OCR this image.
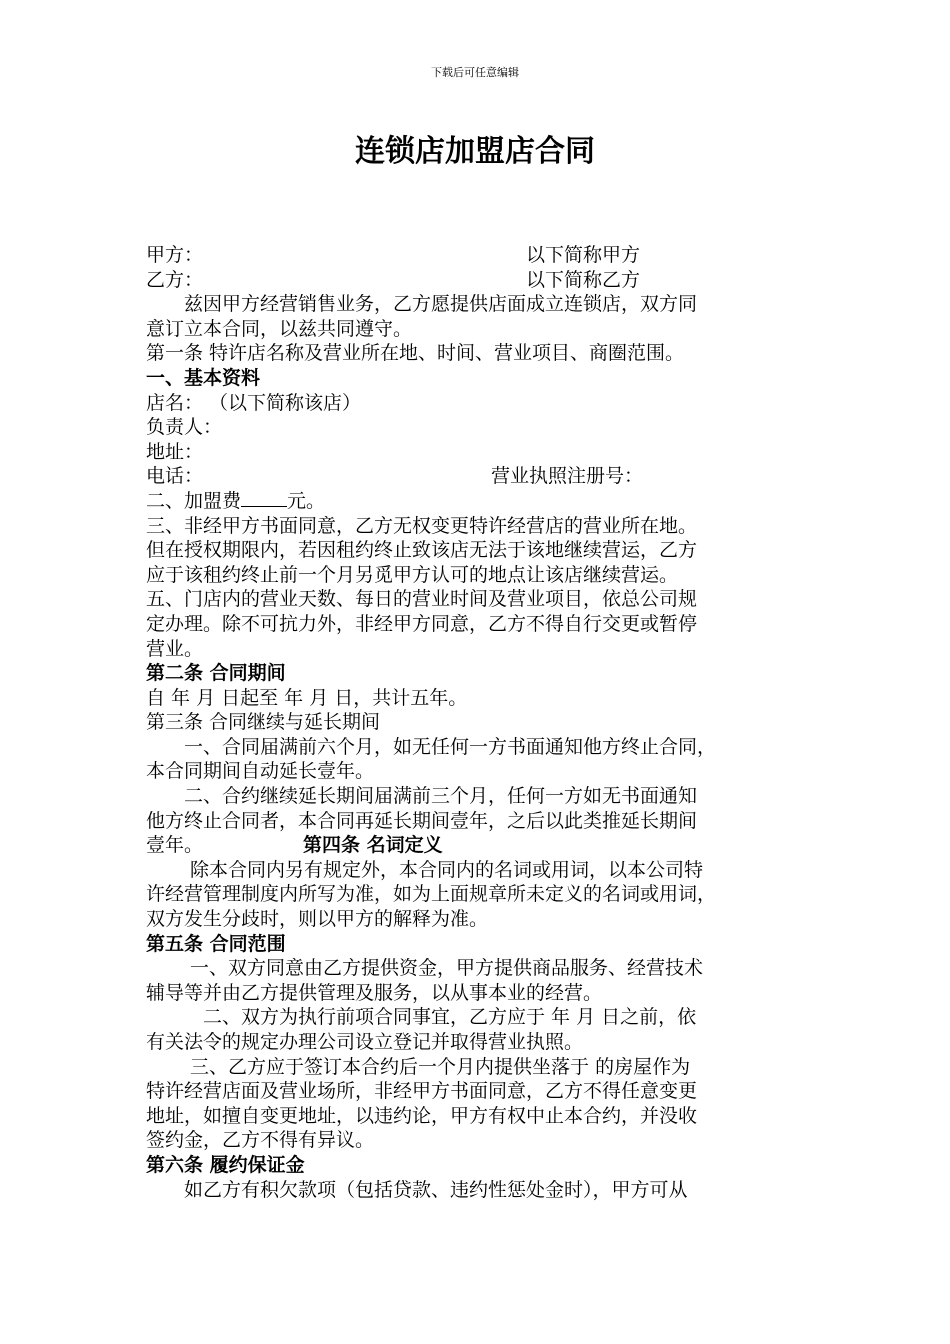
下载后可任意编辑
连锁店加盟店合同
甲方：	以下简称甲方
乙方：	以下简称乙方
　　兹因甲方经营销售业务，乙方愿提供店面成立连锁店，双方同
意订立本合同，以兹共同遵守。
第一条 特许店名称及营业所在地、时间、营业项目、商圈范围。
一、基本资料
店名： （以下简称该店）
负责人：
地址：
电话：	营业执照注册号：
二、加盟费 元。
三、非经甲方书面同意，乙方无权变更特许经营店的营业所在地。
但在授权期限内，若因租约终止致该店无法于该地继续营运，乙方
应于该租约终止前一个月另觅甲方认可的地点让该店继续营运。
五、门店内的营业天数、每日的营业时间及营业项目，依总公司规
定办理。除不可抗力外，非经甲方同意，乙方不得自行交更或暂停
营业。
第二条 合同期间
自 年 月 日起至 年 月 日，共计五年。
第三条 合同继续与延长期间
　　一、合同届满前六个月，如无任何一方书面通知他方终止合同，
本合同期间自动延长壹年。
　　二、合约继续延长期间届满前三个月，任何一方如无书面通知
他方终止合同者，本合同再延长期间壹年，之后以此类推延长期间
壹年。	第四条 名词定义
　　 除本合同内另有规定外，本合同内的名词或用词，以本公司特
许经营管理制度内所写为准，如为上面规章所未定义的名词或用词，
双方发生分歧时，则以甲方的解释为准。
第五条 合同范围
　　 一、双方同意由乙方提供资金，甲方提供商品服务、经营技术
辅导等并由乙方提供管理及服务，以从事本业的经营。
　　　二、双方为执行前项合同事宜，乙方应于 年 月 日之前，依
有关法令的规定办理公司设立登记并取得营业执照。
　　 三、乙方应于签订本合约后一个月内提供坐落于 的房屋作为
特许经营店面及营业场所，非经甲方书面同意，乙方不得任意变更
地址，如擅自变更地址，以违约论，甲方有权中止本合约，并没收
签约金，乙方不得有异议。
第六条 履约保证金
　　如乙方有积欠款项（包括贷款、违约性惩处金时），甲方可从
